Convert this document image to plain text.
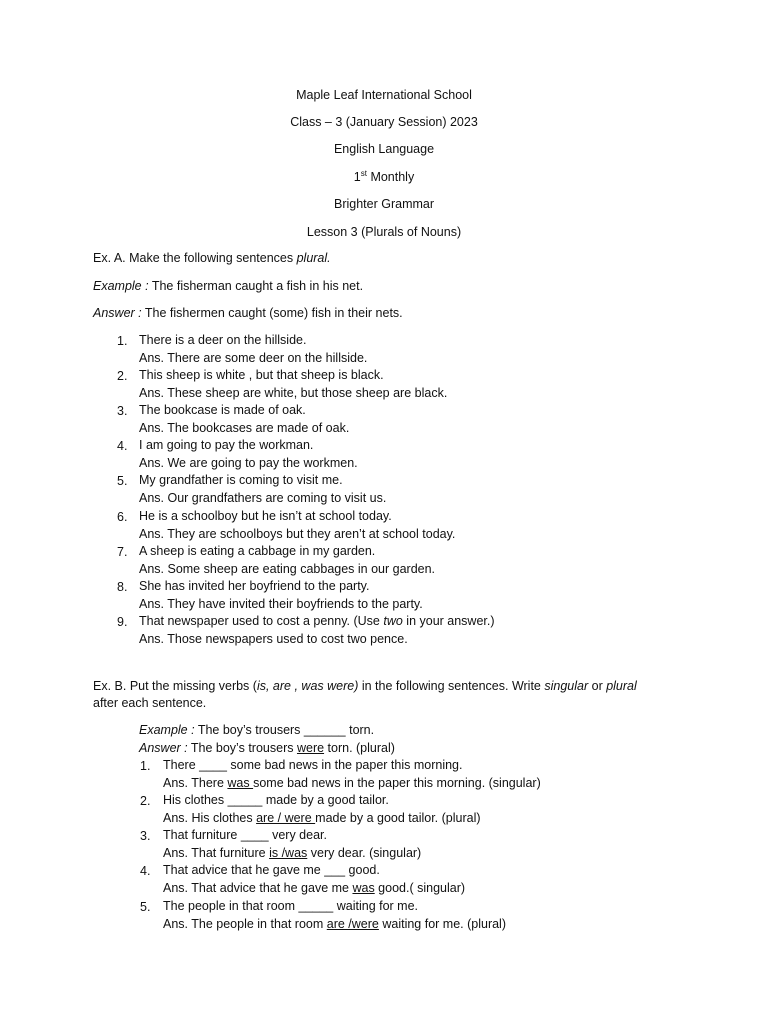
Maple Leaf International School
Class – 3 (January Session) 2023
English Language
1st Monthly
Brighter Grammar
Lesson 3 (Plurals of Nouns)
Ex. A. Make the following sentences plural.
Example : The fisherman caught a fish in his net.
Answer : The fishermen caught (some) fish in their nets.
1. There is a deer on the hillside.
Ans. There are some deer on the hillside.
2. This sheep is white , but that sheep is black.
Ans. These sheep are white, but those sheep are black.
3. The bookcase is made of oak.
Ans. The bookcases are made of oak.
4. I am going to pay the workman.
Ans. We are going to pay the workmen.
5. My grandfather is coming to visit me.
Ans. Our grandfathers are coming to visit us.
6. He is a schoolboy but he isn’t at school today.
Ans. They are schoolboys but they aren’t at school today.
7. A sheep is eating a cabbage in my garden.
Ans. Some sheep are eating cabbages in our garden.
8. She has invited her boyfriend to the party.
Ans. They have invited their boyfriends to the party.
9. That newspaper used to cost a penny. (Use two in your answer.)
Ans. Those newspapers used to cost two pence.
Ex. B. Put the missing verbs (is, are , was were) in the following sentences. Write singular or plural
after each sentence.
Example : The boy’s trousers ______ torn.
Answer : The boy’s trousers were torn. (plural)
1. There ____ some bad news in the paper this morning.
Ans. There was some bad news in the paper this morning. (singular)
2. His clothes _____ made by a good tailor.
Ans. His clothes are / were made by a good tailor. (plural)
3. That furniture ____ very dear.
Ans. That furniture is /was very dear. (singular)
4. That advice that he gave me ___ good.
Ans. That advice that he gave me was good.( singular)
5. The people in that room _____ waiting for me.
Ans. The people in that room are /were waiting for me. (plural)
